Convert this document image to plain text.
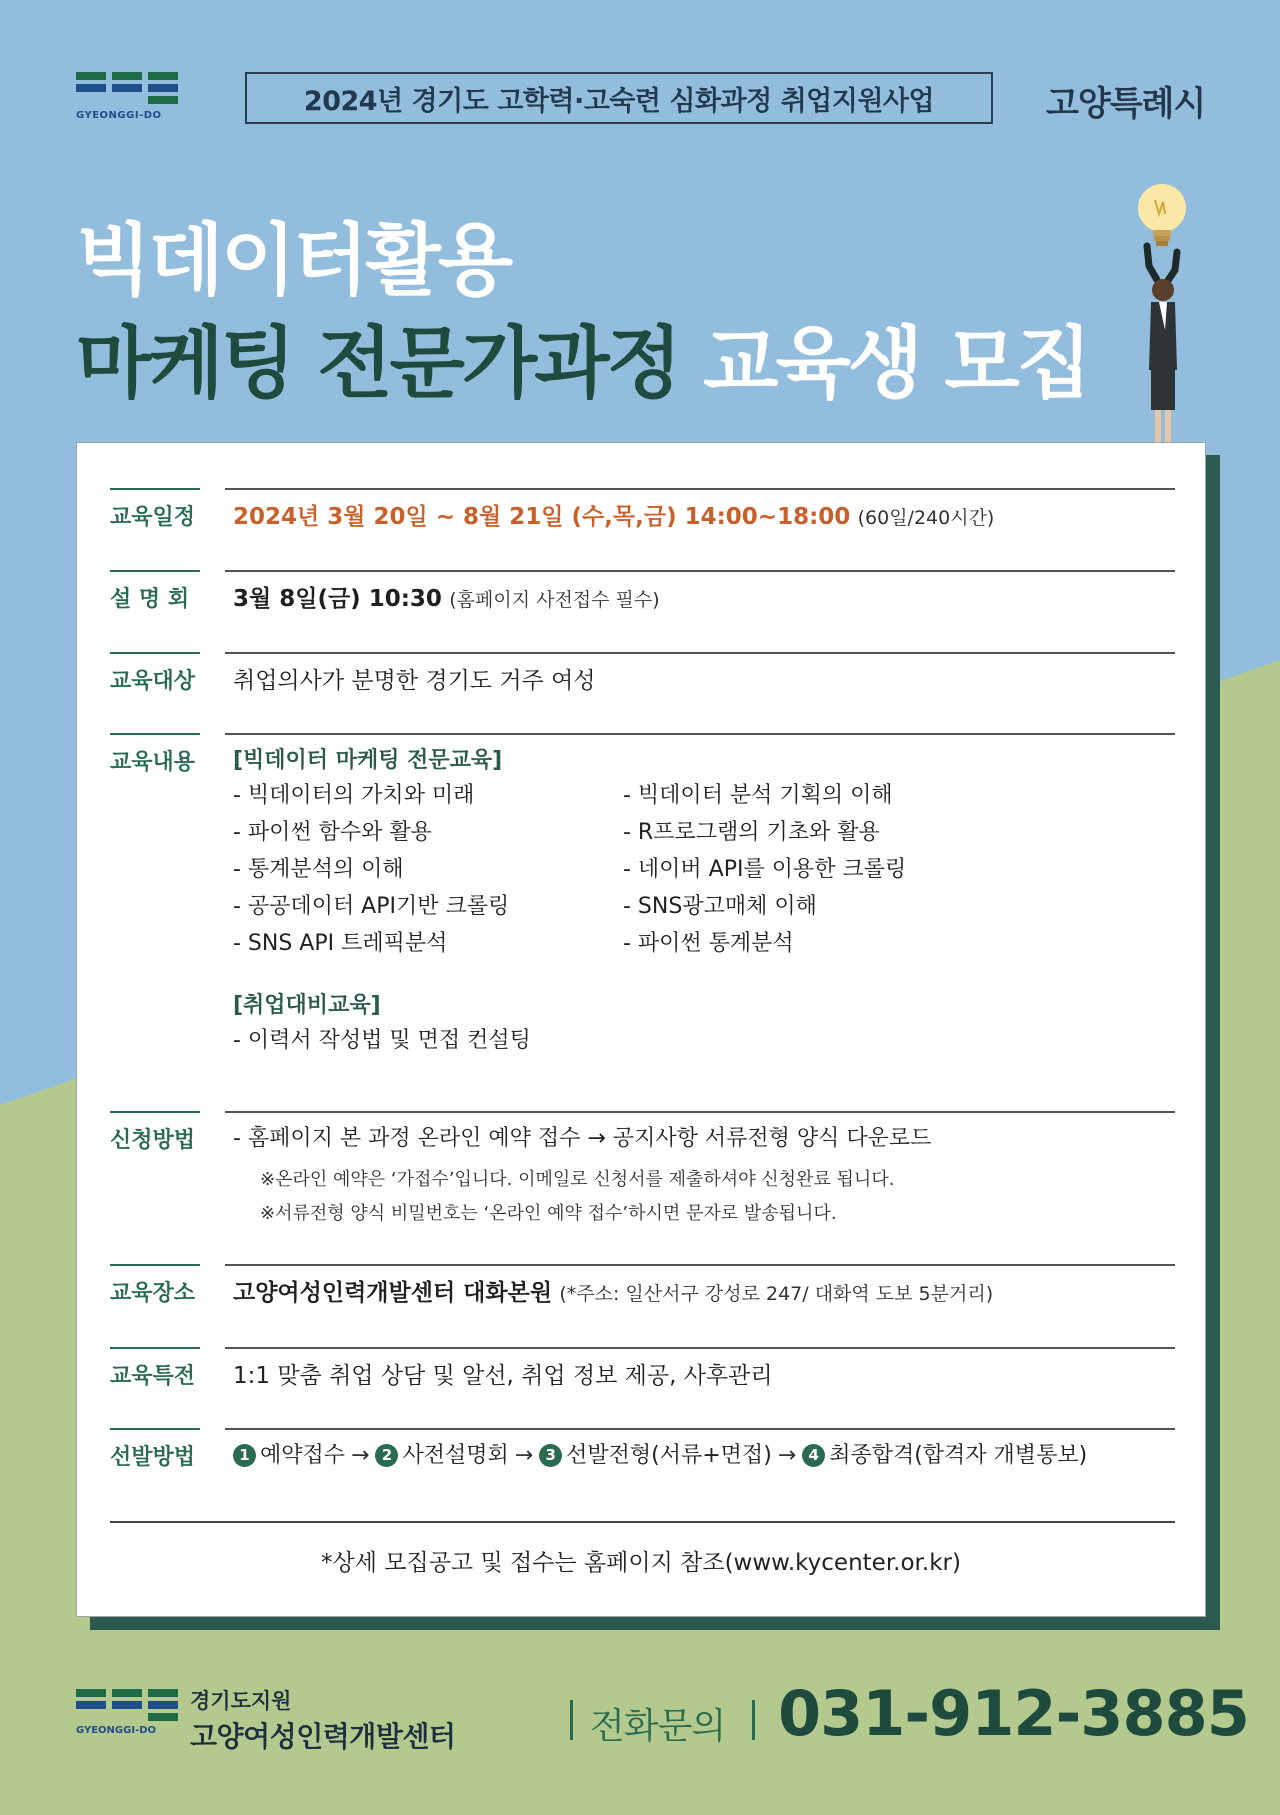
GYEONGGI-DO	2024년 경기도 고학력·고숙련 심화과정 취업지원사업	고양특례시
빅데이터활용
마케팅 전문가과정 교육생 모집
교육일정	2024년 3월 20일 ~ 8월 21일 (수,목,금) 14:00~18:00 (60일/240시간)
설 명 회	3월 8일(금) 10:30 (홈페이지 사전접수 필수)
교육대상	취업의사가 분명한 경기도 거주 여성
교육내용	[빅데이터 마케팅 전문교육]
- 빅데이터의 가치와 미래
- 파이썬 함수와 활용
- 통계분석의 이해
- 공공데이터 API기반 크롤링
- SNS API 트레픽분석
- 빅데이터 분석 기획의 이해
- R프로그램의 기초와 활용
- 네이버 API를 이용한 크롤링
- SNS광고매체 이해
- 파이썬 통계분석
[취업대비교육]
- 이력서 작성법 및 면접 컨설팅
신청방법	- 홈페이지 본 과정 온라인 예약 접수 → 공지사항 서류전형 양식 다운로드
※온라인 예약은 ‘가접수’입니다. 이메일로 신청서를 제출하셔야 신청완료 됩니다.
※서류전형 양식 비밀번호는 ‘온라인 예약 접수’하시면 문자로 발송됩니다.
교육장소	고양여성인력개발센터 대화본원 (*주소: 일산서구 강성로 247/ 대화역 도보 5분거리)
교육특전	1:1 맞춤 취업 상담 및 알선, 취업 정보 제공, 사후관리
선발방법	1 예약접수 → 2 사전설명회 → 3 선발전형(서류+면접) → 4 최종합격(합격자 개별통보)
*상세 모집공고 및 접수는 홈페이지 참조(www.kycenter.or.kr)
GYEONGGI-DO
경기도지원
고양여성인력개발센터	전화문의 031-912-3885
